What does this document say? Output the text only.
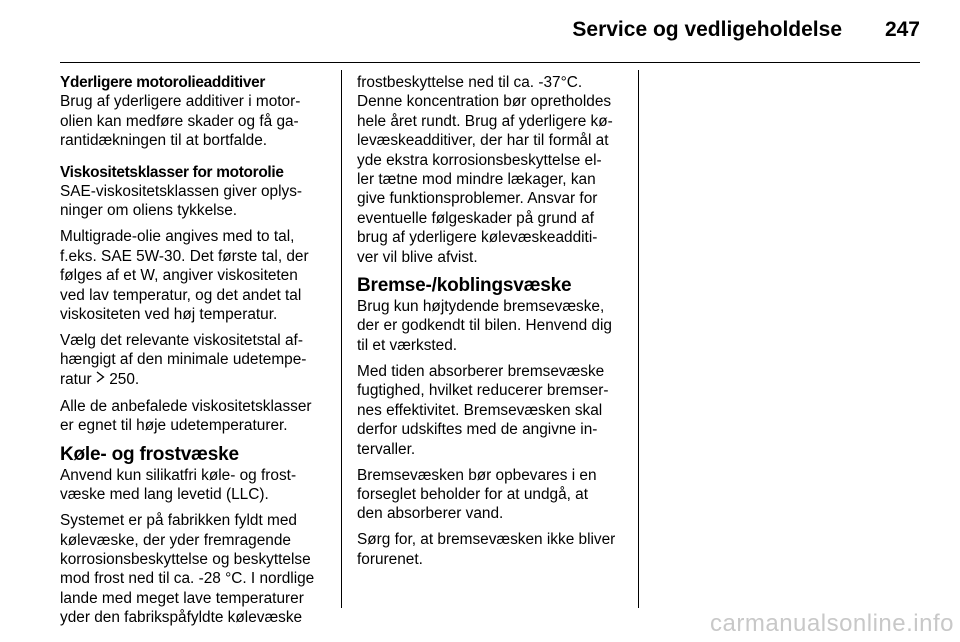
Service og vedligeholdelse 247
Yderligere motorolieadditiver
Brug af yderligere additiver i motor-
olien kan medføre skader og få ga-
rantidækningen til at bortfalde.
Viskositetsklasser for motorolie
SAE-viskositetsklassen giver oplys-
ninger om oliens tykkelse.
Multigrade-olie angives med to tal,
f.eks. SAE 5W-30. Det første tal, der
følges af et W, angiver viskositeten
ved lav temperatur, og det andet tal
viskositeten ved høj temperatur.
Vælg det relevante viskositetstal af-
hængigt af den minimale udetempe-
ratur 250.
Alle de anbefalede viskositetsklasser
er egnet til høje udetemperaturer.
Køle- og frostvæske
Anvend kun silikatfri køle- og frost-
væske med lang levetid (LLC).
Systemet er på fabrikken fyldt med
kølevæske, der yder fremragende
korrosionsbeskyttelse og beskyttelse
mod frost ned til ca. -28 °C. I nordlige
lande med meget lave temperaturer
yder den fabrikspåfyldte kølevæske
frostbeskyttelse ned til ca. -37°C.
Denne koncentration bør opretholdes
hele året rundt. Brug af yderligere kø-
levæskeadditiver, der har til formål at
yde ekstra korrosionsbeskyttelse el-
ler tætne mod mindre lækager, kan
give funktionsproblemer. Ansvar for
eventuelle følgeskader på grund af
brug af yderligere kølevæskeadditi-
ver vil blive afvist.
Bremse-/koblingsvæske
Brug kun højtydende bremsevæske,
der er godkendt til bilen. Henvend dig
til et værksted.
Med tiden absorberer bremsevæske
fugtighed, hvilket reducerer bremser-
nes effektivitet. Bremsevæsken skal
derfor udskiftes med de angivne in-
tervaller.
Bremsevæsken bør opbevares i en
forseglet beholder for at undgå, at
den absorberer vand.
Sørg for, at bremsevæsken ikke bliver
forurenet.
carmanualsonline.info
